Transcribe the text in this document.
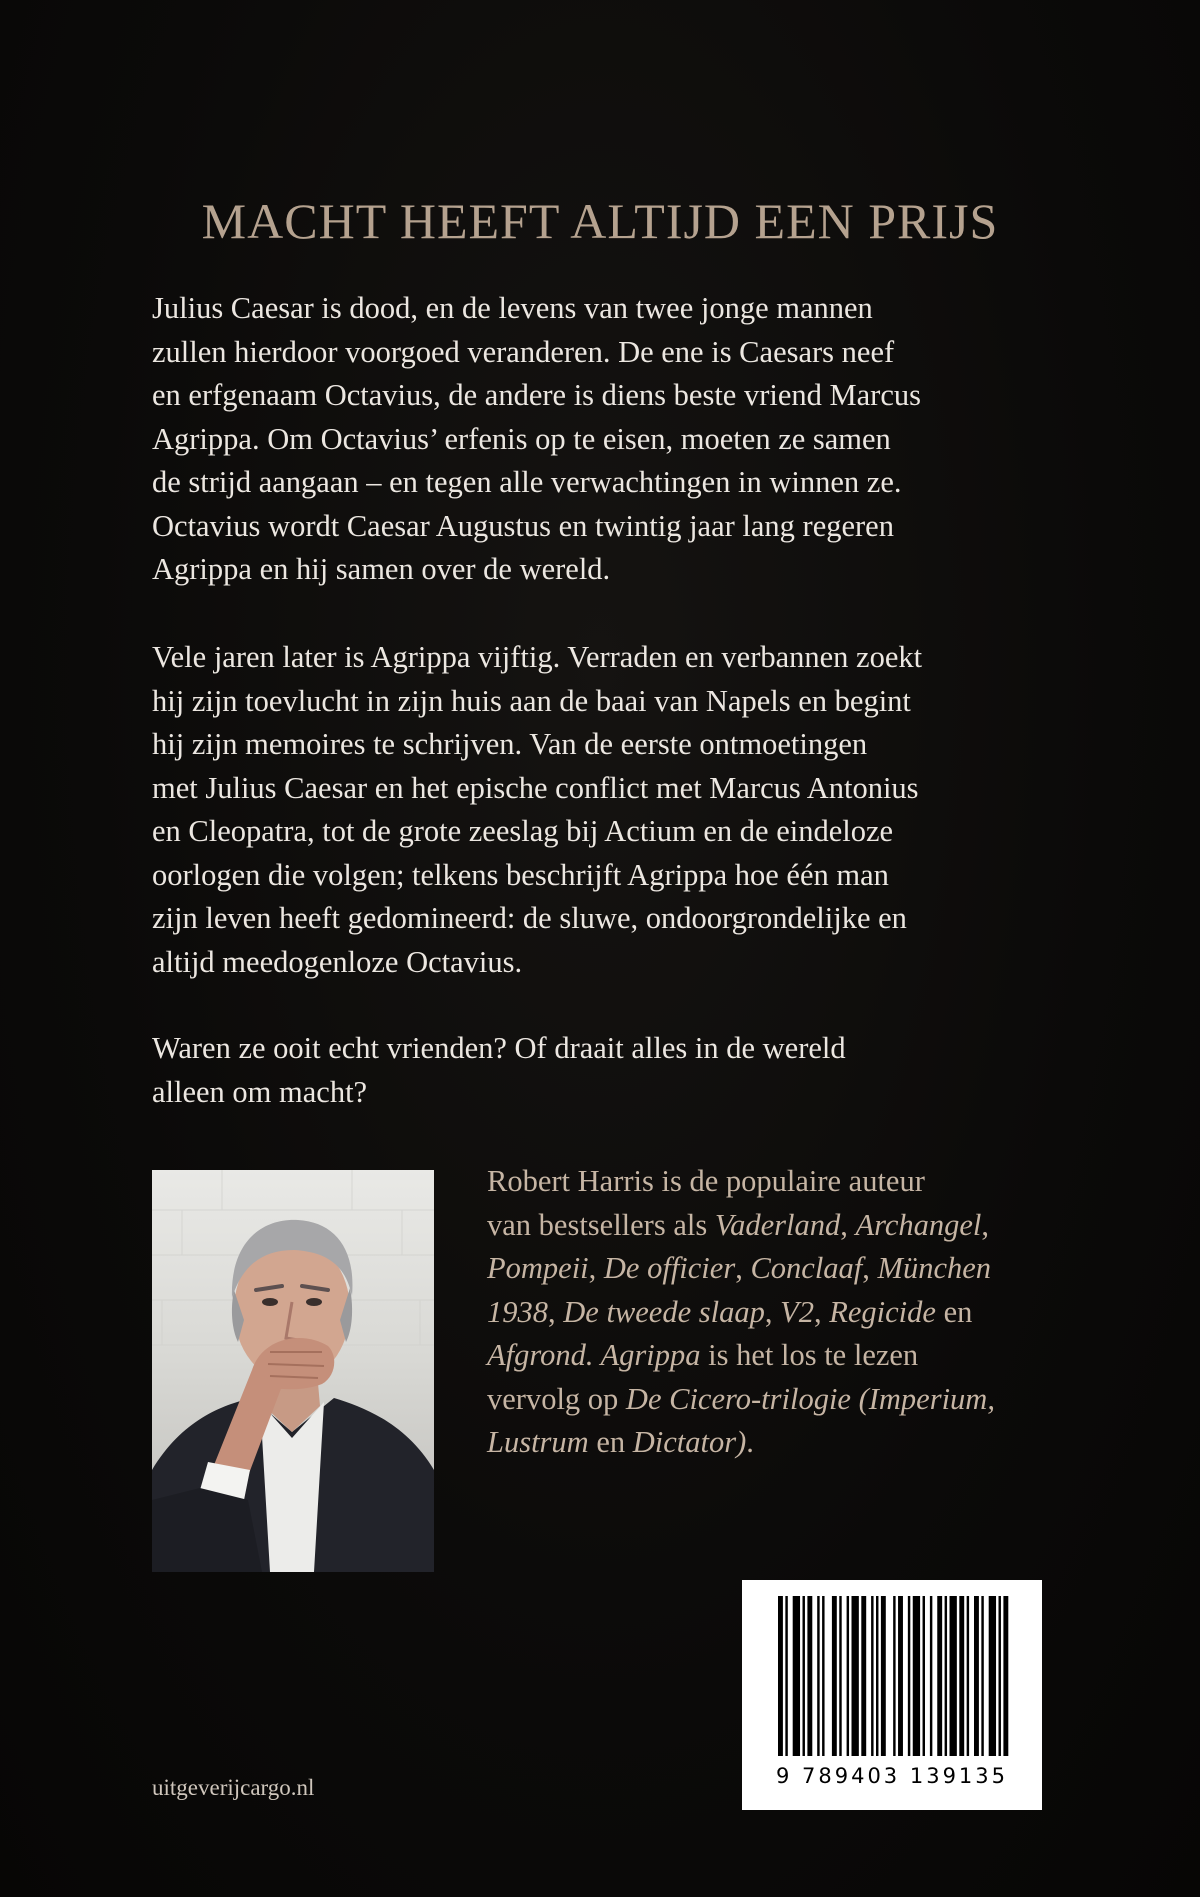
MACHT HEEFT ALTIJD EEN PRIJS

Julius Caesar is dood, en de levens van twee jonge mannen
zullen hierdoor voorgoed veranderen. De ene is Caesars neef
en erfgenaam Octavius, de andere is diens beste vriend Marcus
Agrippa. Om Octavius’ erfenis op te eisen, moeten ze samen
de strijd aangaan – en tegen alle verwachtingen in winnen ze.
Octavius wordt Caesar Augustus en twintig jaar lang regeren
Agrippa en hij samen over de wereld.

Vele jaren later is Agrippa vijftig. Verraden en verbannen zoekt
hij zijn toevlucht in zijn huis aan de baai van Napels en begint
hij zijn memoires te schrijven. Van de eerste ontmoetingen
met Julius Caesar en het epische conflict met Marcus Antonius
en Cleopatra, tot de grote zeeslag bij Actium en de eindeloze
oorlogen die volgen; telkens beschrijft Agrippa hoe één man
zijn leven heeft gedomineerd: de sluwe, ondoorgrondelijke en
altijd meedogenloze Octavius.

Waren ze ooit echt vrienden? Of draait alles in de wereld
alleen om macht?

Robert Harris is de populaire auteur
van bestsellers als Vaderland, Archangel,
Pompeii, De officier, Conclaaf, München
1938, De tweede slaap, V2, Regicide en
Afgrond. Agrippa is het los te lezen
vervolg op De Cicero-trilogie (Imperium,
Lustrum en Dictator).

9 789403 139135
uitgeverijcargo.nl
